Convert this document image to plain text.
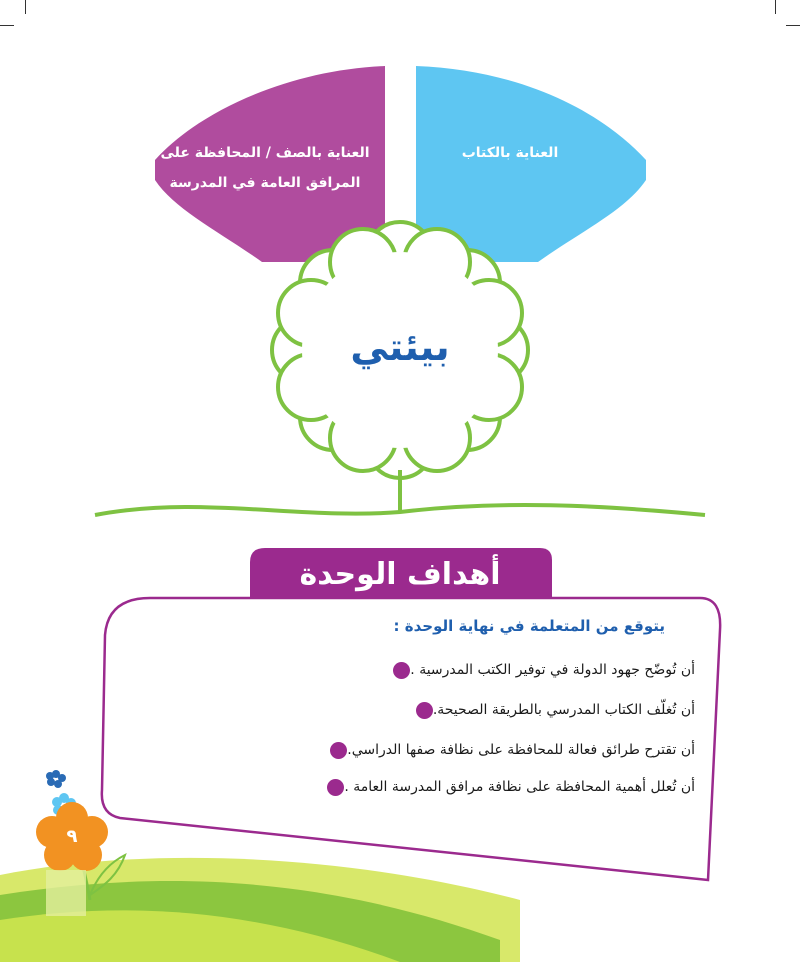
العناية بالصف / المحافظة على المرافق العامة في المدرسة
العناية بالكتاب
بيئتي
أهداف الوحدة
يتوقع من المتعلمة في نهاية الوحدة :
أن تُوضّح جهود الدولة في توفير الكتب المدرسية .
أن تُغلّف الكتاب المدرسي بالطريقة الصحيحة.
أن تقترح طرائق فعالة للمحافظة على نظافة صفها الدراسي.
أن تُعلل أهمية المحافظة على نظافة مرافق المدرسة العامة .
٩
